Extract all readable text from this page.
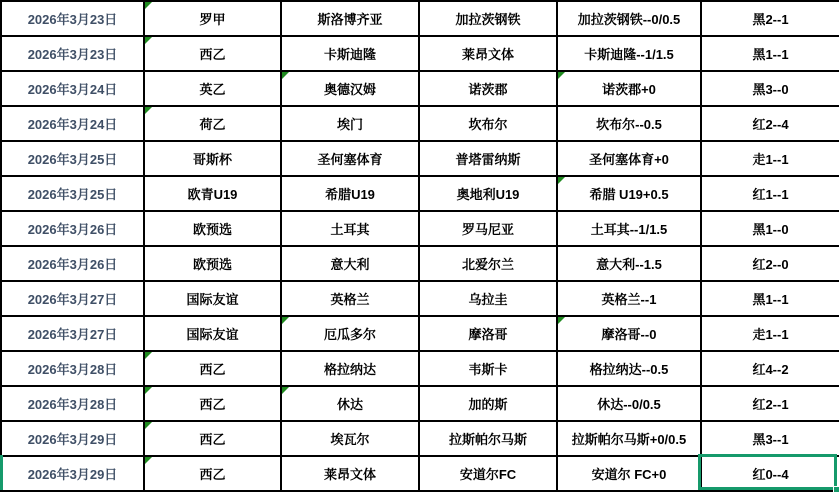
2026年3月23日	罗甲	斯洛博齐亚	加拉茨钢铁	加拉茨钢铁--0/0.5	黑2--1
2026年3月23日	西乙	卡斯迪隆	莱昂文体	卡斯迪隆--1/1.5	黑1--1
2026年3月24日	英乙	奥德汉姆	诺茨郡	诺茨郡+0	黑3--0
2026年3月24日	荷乙	埃门	坎布尔	坎布尔--0.5	红2--4
2026年3月25日	哥斯杯	圣何塞体育	普塔雷纳斯	圣何塞体育+0	走1--1
2026年3月25日	欧青U19	希腊U19	奥地利U19	希腊 U19+0.5	红1--1
2026年3月26日	欧预选	土耳其	罗马尼亚	土耳其--1/1.5	黑1--0
2026年3月26日	欧预选	意大利	北爱尔兰	意大利--1.5	红2--0
2026年3月27日	国际友谊	英格兰	乌拉圭	英格兰--1	黑1--1
2026年3月27日	国际友谊	厄瓜多尔	摩洛哥	摩洛哥--0	走1--1
2026年3月28日	西乙	格拉纳达	韦斯卡	格拉纳达--0.5	红4--2
2026年3月28日	西乙	休达	加的斯	休达--0/0.5	红2--1
2026年3月29日	西乙	埃瓦尔	拉斯帕尔马斯	拉斯帕尔马斯+0/0.5	黑3--1
2026年3月29日	西乙	莱昂文体	安道尔FC	安道尔 FC+0	红0--4
